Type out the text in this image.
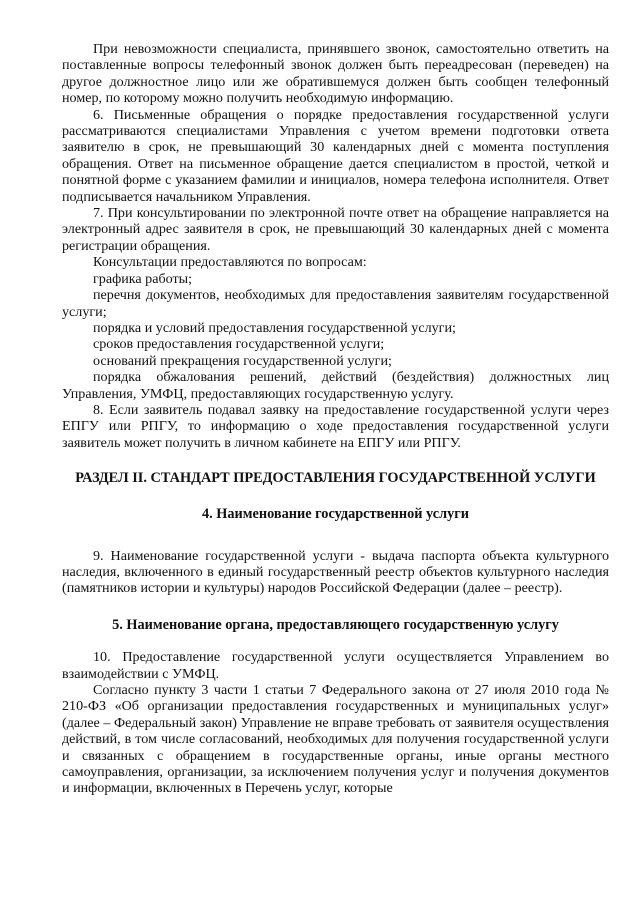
При невозможности специалиста, принявшего звонок, самостоятельно ответить на поставленные вопросы телефонный звонок должен быть переадресован (переведен) на другое должностное лицо или же обратившемуся должен быть сообщен телефонный номер, по которому можно получить необходимую информацию.

6. Письменные обращения о порядке предоставления государственной услуги рассматриваются специалистами Управления с учетом времени подготовки ответа заявителю в срок, не превышающий 30 календарных дней с момента поступления обращения. Ответ на письменное обращение дается специалистом в простой, четкой и понятной форме с указанием фамилии и инициалов, номера телефона исполнителя. Ответ подписывается начальником Управления.

7. При консультировании по электронной почте ответ на обращение направляется на электронный адрес заявителя в срок, не превышающий 30 календарных дней с момента регистрации обращения.

Консультации предоставляются по вопросам:

графика работы;

перечня документов, необходимых для предоставления заявителям государственной услуги;

порядка и условий предоставления государственной услуги;

сроков предоставления государственной услуги;

оснований прекращения государственной услуги;

порядка обжалования решений, действий (бездействия) должностных лиц Управления, УМФЦ, предоставляющих государственную услугу.

8. Если заявитель подавал заявку на предоставление государственной услуги через ЕПГУ или РПГУ, то информацию о ходе предоставления государственной услуги заявитель может получить в личном кабинете на ЕПГУ или РПГУ.

РАЗДЕЛ II. СТАНДАРТ ПРЕДОСТАВЛЕНИЯ ГОСУДАРСТВЕННОЙ УСЛУГИ
4. Наименование государственной услуги

9. Наименование государственной услуги - выдача паспорта объекта культурного наследия, включенного в единый государственный реестр объектов культурного наследия (памятников истории и культуры) народов Российской Федерации (далее – реестр).

5. Наименование органа, предоставляющего государственную услугу

10. Предоставление государственной услуги осуществляется Управлением во взаимодействии с УМФЦ.

Согласно пункту 3 части 1 статьи 7 Федерального закона от 27 июля 2010 года № 210-ФЗ «Об организации предоставления государственных и муниципальных услуг» (далее – Федеральный закон) Управление не вправе требовать от заявителя осуществления действий, в том числе согласований, необходимых для получения государственной услуги и связанных с обращением в государственные органы, иные органы местного самоуправления, организации, за исключением получения услуг и получения документов и информации, включенных в Перечень услуг, которые
